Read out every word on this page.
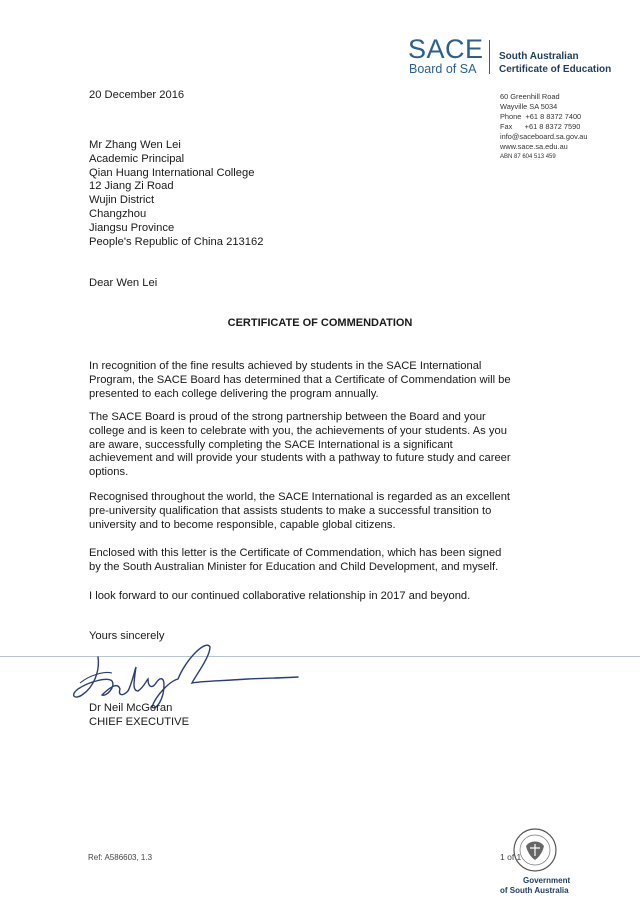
SACE
Board of SA
South Australian
Certificate of Education
60 Greenhill Road
Wayville SA 5034
Phone  +61 8 8372 7400
Fax      +61 8 8372 7590
info@saceboard.sa.gov.au
www.sace.sa.edu.au
ABN 87 604 513 459
20 December 2016
Mr Zhang Wen Lei
Academic Principal
Qian Huang International College
12 Jiang Zi Road
Wujin District
Changzhou
Jiangsu Province
People's Republic of China 213162
Dear Wen Lei
CERTIFICATE OF COMMENDATION
In recognition of the fine results achieved by students in the SACE International
Program, the SACE Board has determined that a Certificate of Commendation will be
presented to each college delivering the program annually.
The SACE Board is proud of the strong partnership between the Board and your
college and is keen to celebrate with you, the achievements of your students. As you
are aware, successfully completing the SACE International is a significant
achievement and will provide your students with a pathway to future study and career
options.
Recognised throughout the world, the SACE International is regarded as an excellent
pre-university qualification that assists students to make a successful transition to
university and to become responsible, capable global citizens.
Enclosed with this letter is the Certificate of Commendation, which has been signed
by the South Australian Minister for Education and Child Development, and myself.
I look forward to our continued collaborative relationship in 2017 and beyond.
Yours sincerely
Dr Neil McGoran
CHIEF EXECUTIVE
Ref: A586603, 1.3	1 of 1
Government
of South Australia
